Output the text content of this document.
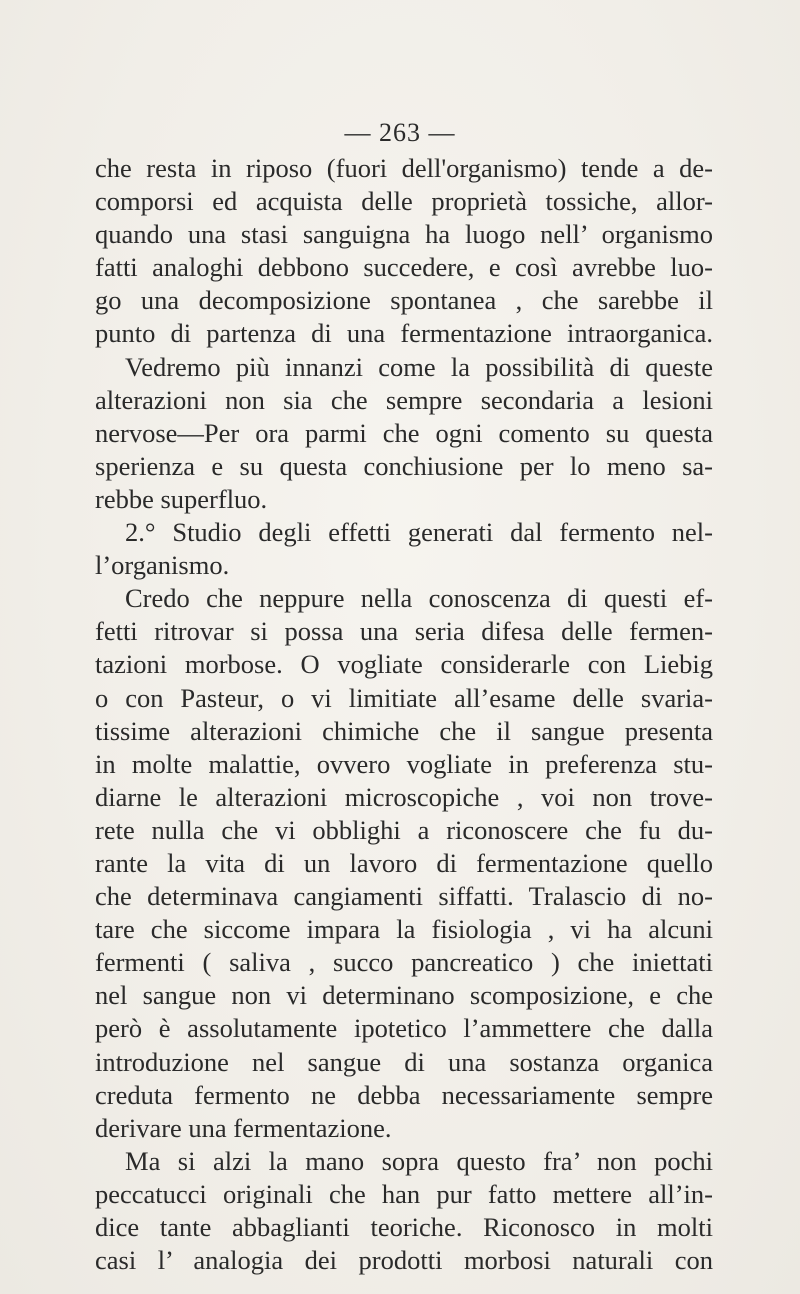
— 263 —
che resta in riposo (fuori dell'organismo) tende a de-
comporsi ed acquista delle proprietà tossiche, allor-
quando una stasi sanguigna ha luogo nell’ organismo
fatti analoghi debbono succedere, e così avrebbe luo-
go una decomposizione spontanea , che sarebbe il
punto di partenza di una fermentazione intraorganica.
Vedremo più innanzi come la possibilità di queste
alterazioni non sia che sempre secondaria a lesioni
nervose—Per ora parmi che ogni comento su questa
sperienza e su questa conchiusione per lo meno sa-
rebbe superfluo.
2.° Studio degli effetti generati dal fermento nel-
l’organismo.
Credo che neppure nella conoscenza di questi ef-
fetti ritrovar si possa una seria difesa delle fermen-
tazioni morbose. O vogliate considerarle con Liebig
o con Pasteur, o vi limitiate all’esame delle svaria-
tissime alterazioni chimiche che il sangue presenta
in molte malattie, ovvero vogliate in preferenza stu-
diarne le alterazioni microscopiche , voi non trove-
rete nulla che vi obblighi a riconoscere che fu du-
rante la vita di un lavoro di fermentazione quello
che determinava cangiamenti siffatti. Tralascio di no-
tare che siccome impara la fisiologia , vi ha alcuni
fermenti ( saliva , succo pancreatico ) che iniettati
nel sangue non vi determinano scomposizione, e che
però è assolutamente ipotetico l’ammettere che dalla
introduzione nel sangue di una sostanza organica
creduta fermento ne debba necessariamente sempre
derivare una fermentazione.
Ma si alzi la mano sopra questo fra’ non pochi
peccatucci originali che han pur fatto mettere all’in-
dice tante abbaglianti teoriche. Riconosco in molti
casi l’ analogia dei prodotti morbosi naturali con
